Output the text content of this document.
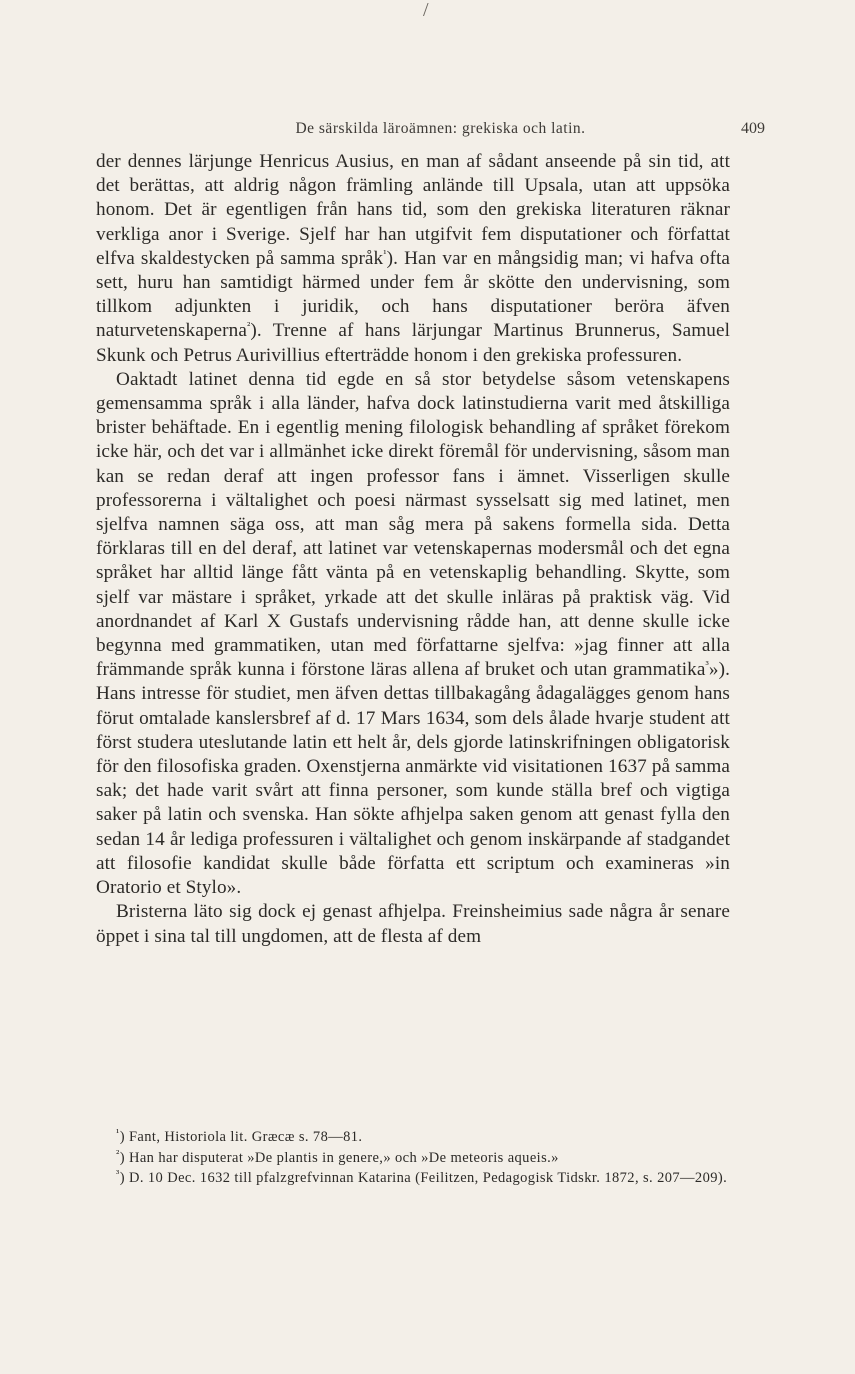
/
De särskilda läroämnen: grekiska och latin.	409

der dennes lärjunge Henricus Ausius, en man af sådant anseende på sin tid, att det berättas, att aldrig någon främling anlände till Upsala, utan att uppsöka honom. Det är egentligen från hans tid, som den grekiska literaturen räknar verkliga anor i Sverige. Sjelf har han utgifvit fem disputationer och författat elfva skaldestycken på samma språk$^{^1}$). Han var en mångsidig man; vi hafva ofta sett, huru han samtidigt härmed under fem år skötte den undervisning, som tillkom adjunkten i juridik, och hans disputationer beröra äfven naturvetenskaperna$^{^2}$). Trenne af hans lärjungar Martinus Brunnerus, Samuel Skunk och Petrus Aurivillius efterträdde honom i den grekiska professuren.

Oaktadt latinet denna tid egde en så stor betydelse såsom vetenskapens gemensamma språk i alla länder, hafva dock latinstudierna varit med åtskilliga brister behäftade. En i egentlig mening filologisk behandling af språket förekom icke här, och det var i allmänhet icke direkt föremål för undervisning, såsom man kan se redan deraf att ingen professor fans i ämnet. Visserligen skulle professorerna i vältalighet och poesi närmast sysselsatt sig med latinet, men sjelfva namnen säga oss, att man såg mera på sakens formella sida. Detta förklaras till en del deraf, att latinet var vetenskapernas modersmål och det egna språket har alltid länge fått vänta på en vetenskaplig behandling. Skytte, som sjelf var mästare i språket, yrkade att det skulle inläras på praktisk väg. Vid anordnandet af Karl X Gustafs undervisning rådde han, att denne skulle icke begynna med grammatiken, utan med författarne sjelfva: »jag finner att alla främmande språk kunna i förstone läras allena af bruket och utan grammatika$^{^3}$»). Hans intresse för studiet, men äfven dettas tillbakagång ådagalägges genom hans förut omtalade kanslersbref af d. 17 Mars 1634, som dels ålade hvarje student att först studera uteslutande latin ett helt år, dels gjorde latinskrifningen obligatorisk för den filosofiska graden. Oxenstjerna anmärkte vid visitationen 1637 på samma sak; det hade varit svårt att finna personer, som kunde ställa bref och vigtiga saker på latin och svenska. Han sökte afhjelpa saken genom att genast fylla den sedan 14 år lediga professuren i vältalighet och genom inskärpande af stadgandet att filosofie kandidat skulle både författa ett scriptum och examineras »in Oratorio et Stylo».

Bristerna läto sig dock ej genast afhjelpa. Freinsheimius sade några år senare öppet i sina tal till ungdomen, att de flesta af dem

$^{^1}$) Fant, Historiola lit. Græcæ s. 78—81.

$^{^2}$) Han har disputerat »De plantis in genere,» och »De meteoris aqueis.»

$^{^3}$) D. 10 Dec. 1632 till pfalzgrefvinnan Katarina (Feilitzen, Pedagogisk Tidskr. 1872, s. 207—209).
